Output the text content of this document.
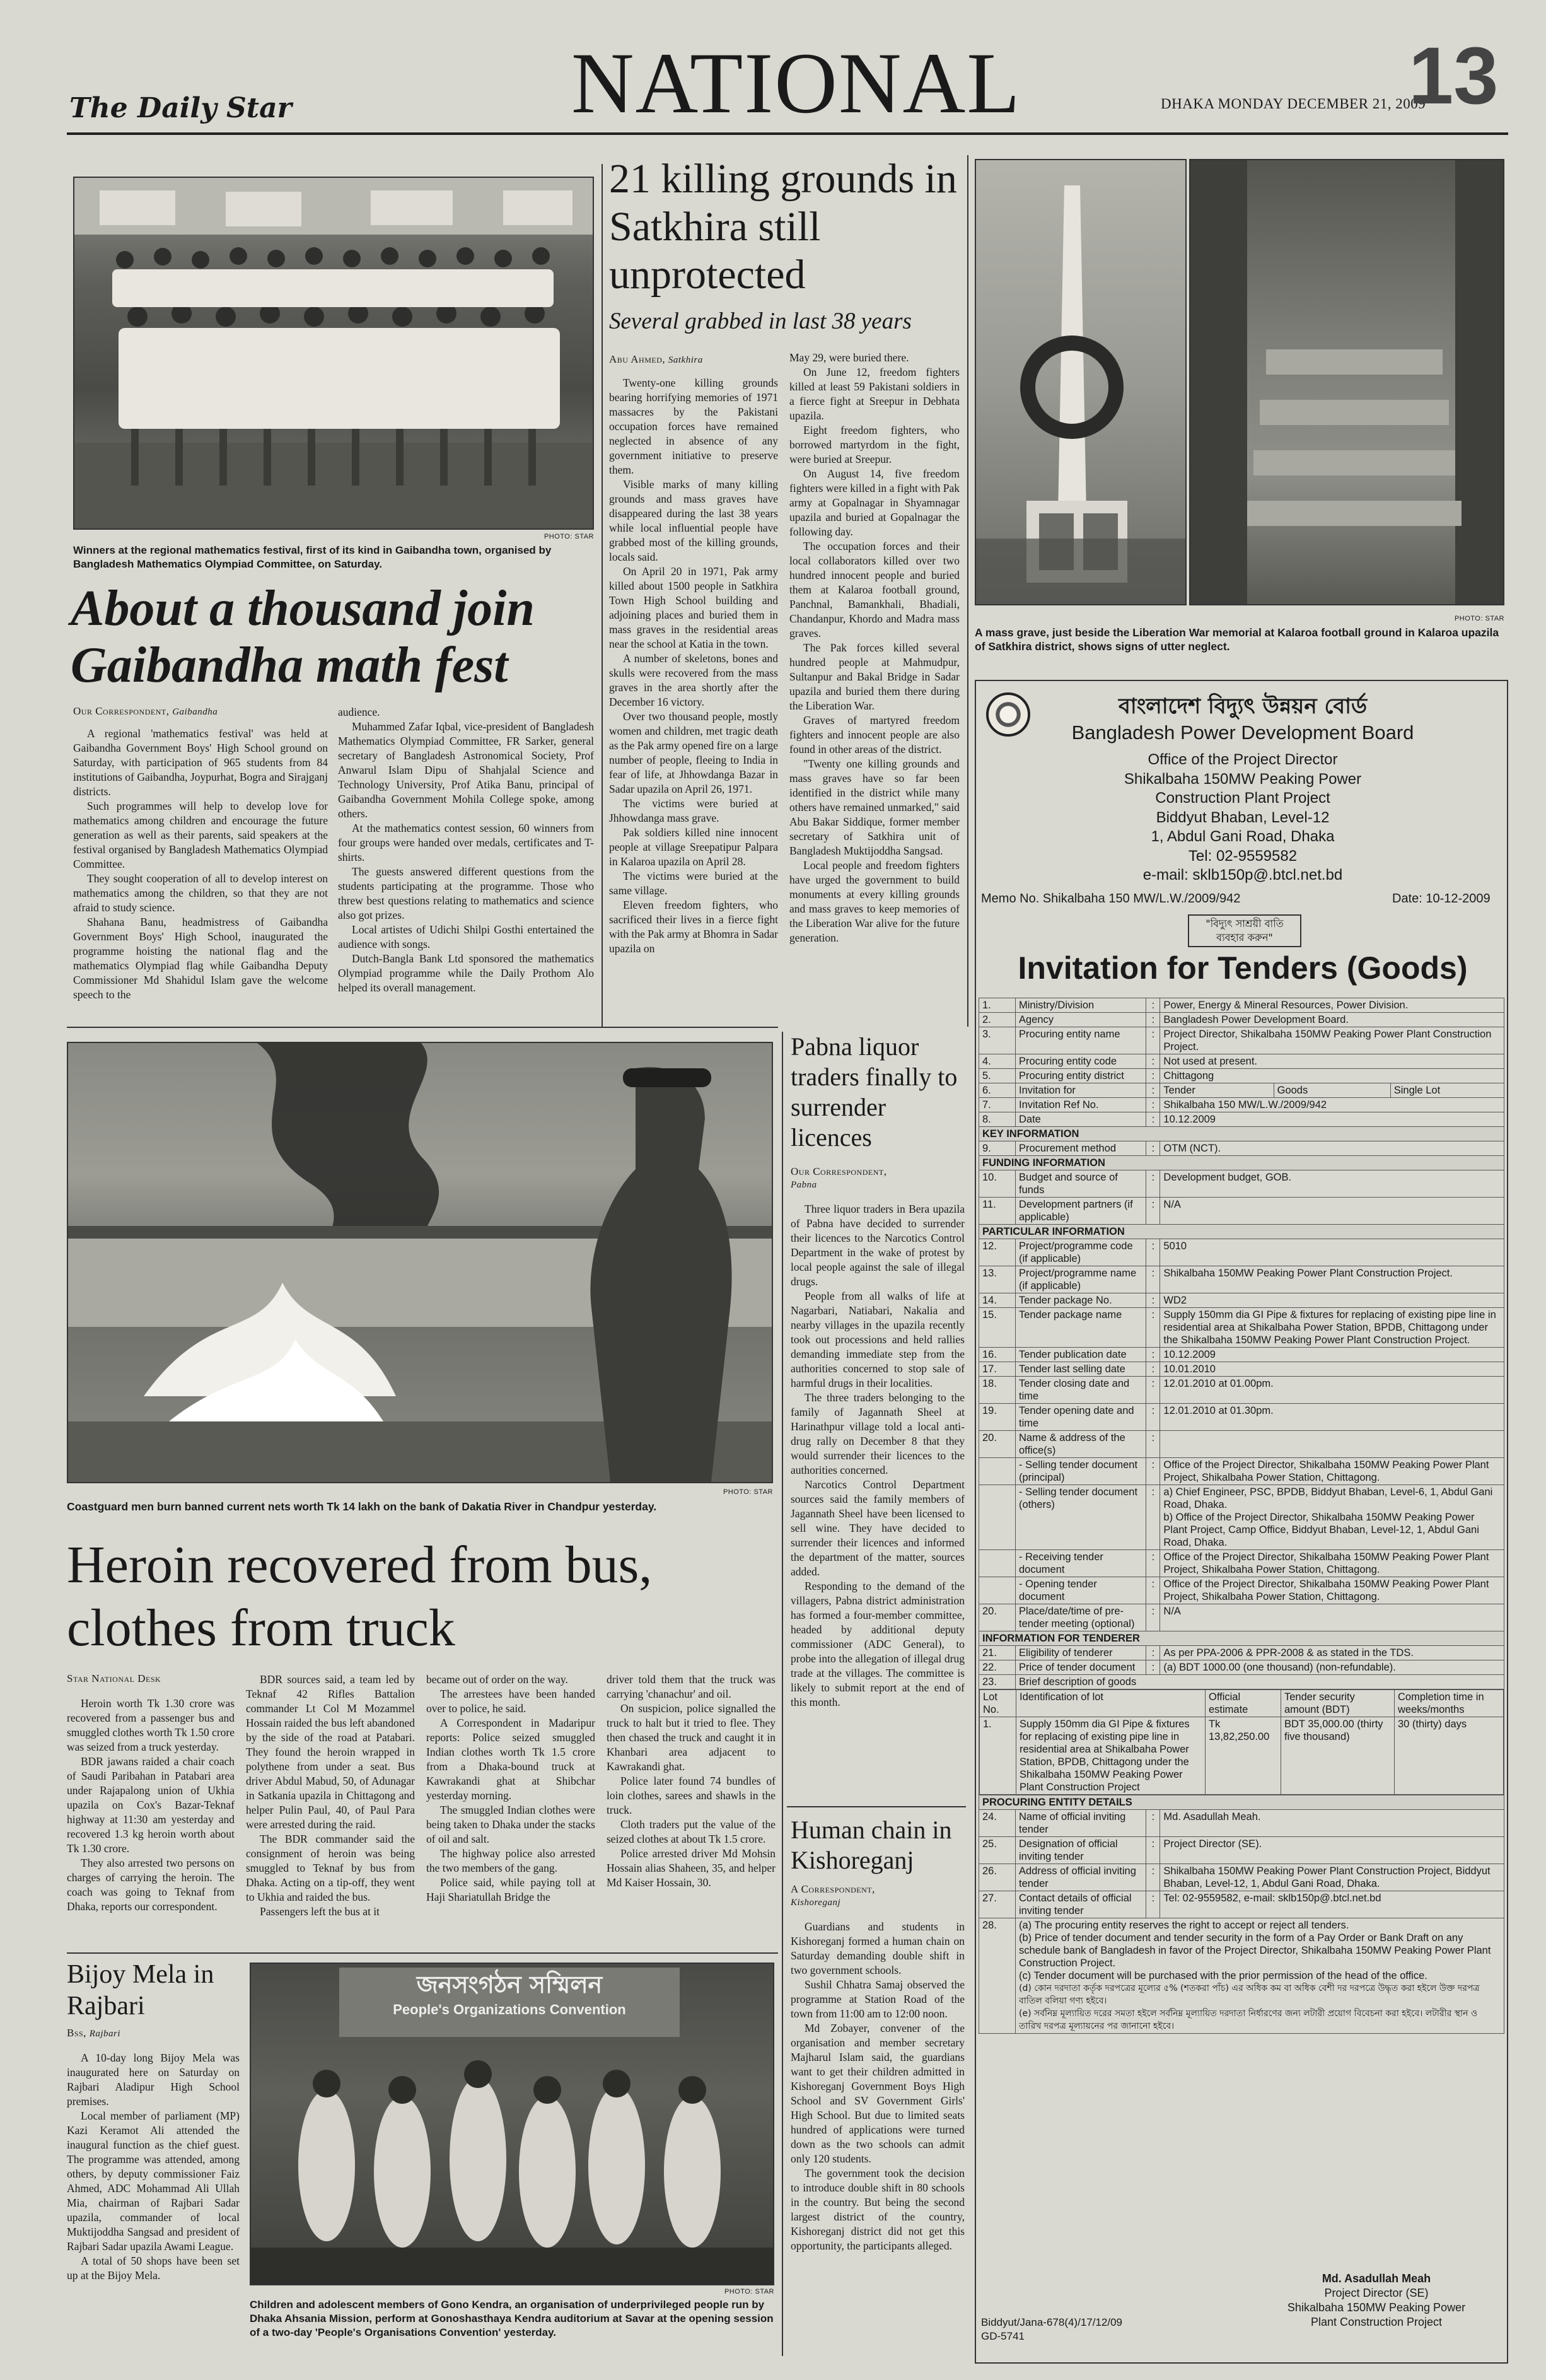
The Daily Star	NATIONAL	DHAKA MONDAY DECEMBER 21, 2009
13
PHOTO: STAR
Winners at the regional mathematics festival, first of its kind in Gaibandha town, organised by Bangladesh Mathematics Olympiad Committee, on Saturday.
About a thousand join
Gaibandha math fest
Our Correspondent, Gaibandha

A regional 'mathematics festival' was held at Gaibandha Government Boys' High School ground on Saturday, with participation of 965 students from 84 institutions of Gaibandha, Joypurhat, Bogra and Sirajganj districts.

Such programmes will help to develop love for mathematics among children and encourage the future generation as well as their parents, said speakers at the festival organised by Bangladesh Mathematics Olympiad Committee.

They sought cooperation of all to develop interest on mathematics among the children, so that they are not afraid to study science.

Shahana Banu, headmistress of Gaibandha Government Boys' High School, inaugurated the programme hoisting the national flag and the mathematics Olympiad flag while Gaibandha Deputy Commissioner Md Shahidul Islam gave the welcome speech to the

audience.

Muhammed Zafar Iqbal, vice-president of Bangladesh Mathematics Olympiad Committee, FR Sarker, general secretary of Bangladesh Astronomical Society, Prof Anwarul Islam Dipu of Shahjalal Science and Technology University, Prof Atika Banu, principal of Gaibandha Government Mohila College spoke, among others.

At the mathematics contest session, 60 winners from four groups were handed over medals, certificates and T-shirts.

The guests answered different questions from the students participating at the programme. Those who threw best questions relating to mathematics and science also got prizes.

Local artistes of Udichi Shilpi Gosthi entertained the audience with songs.

Dutch-Bangla Bank Ltd sponsored the mathematics Olympiad programme while the Daily Prothom Alo helped its overall management.

21 killing grounds in Satkhira still unprotected
Several grabbed in last 38 years
Abu Ahmed, Satkhira

Twenty-one killing grounds bearing horrifying memories of 1971 massacres by the Pakistani occupation forces have remained neglected in absence of any government initiative to preserve them.

Visible marks of many killing grounds and mass graves have disappeared during the last 38 years while local influential people have grabbed most of the killing grounds, locals said.

On April 20 in 1971, Pak army killed about 1500 people in Satkhira Town High School building and adjoining places and buried them in mass graves in the residential areas near the school at Katia in the town.

A number of skeletons, bones and skulls were recovered from the mass graves in the area shortly after the December 16 victory.

Over two thousand people, mostly women and children, met tragic death as the Pak army opened fire on a large number of people, fleeing to India in fear of life, at Jhhowdanga Bazar in Sadar upazila on April 26, 1971.

The victims were buried at Jhhowdanga mass grave.

Pak soldiers killed nine innocent people at village Sreepatipur Palpara in Kalaroa upazila on April 28.

The victims were buried at the same village.

Eleven freedom fighters, who sacrificed their lives in a fierce fight with the Pak army at Bhomra in Sadar upazila on

May 29, were buried there.

On June 12, freedom fighters killed at least 59 Pakistani soldiers in a fierce fight at Sreepur in Debhata upazila.

Eight freedom fighters, who borrowed martyrdom in the fight, were buried at Sreepur.

On August 14, five freedom fighters were killed in a fight with Pak army at Gopalnagar in Shyamnagar upazila and buried at Gopalnagar the following day.

The occupation forces and their local collaborators killed over two hundred innocent people and buried them at Kalaroa football ground, Panchnal, Bamankhali, Bhadiali, Chandanpur, Khordo and Madra mass graves.

The Pak forces killed several hundred people at Mahmudpur, Sultanpur and Bakal Bridge in Sadar upazila and buried them there during the Liberation War.

Graves of martyred freedom fighters and innocent people are also found in other areas of the district.

"Twenty one killing grounds and mass graves have so far been identified in the district while many others have remained unmarked," said Abu Bakar Siddique, former member secretary of Satkhira unit of Bangladesh Muktijoddha Sangsad.

Local people and freedom fighters have urged the government to build monuments at every killing grounds and mass graves to keep memories of the Liberation War alive for the future generation.

PHOTO: STAR
A mass grave, just beside the Liberation War memorial at Kalaroa football ground in Kalaroa upazila of Satkhira district, shows signs of utter neglect.
বাংলাদেশ বিদ্যুৎ উন্নয়ন বোর্ড
Bangladesh Power Development Board
Office of the Project Director
Shikalbaha 150MW Peaking Power
Construction Plant Project
Biddyut Bhaban, Level-12
1, Abdul Gani Road, Dhaka
Tel: 02-9559582
e-mail: sklb150p@.btcl.net.bd
Memo No. Shikalbaha 150 MW/L.W./2009/942	Date: 10-12-2009
"বিদ্যুৎ সাশ্রয়ী বাতি ব্যবহার করুন"
Invitation for Tenders (Goods)
1.	Ministry/Division	:	Power, Energy & Mineral Resources, Power Division.

2.	Agency	:	Bangladesh Power Development Board.

3.	Procuring entity name	:	Project Director, Shikalbaha 150MW Peaking Power Plant Construction Project.

4.	Procuring entity code	:	Not used at present.

5.	Procuring entity district	:	Chittagong

6.	Invitation for	:	Tender	Goods	Single Lot

7.	Invitation Ref No.	:	Shikalbaha 150 MW/L.W./2009/942

8.	Date	:	10.12.2009

KEY INFORMATION
9.	Procurement method	:	OTM (NCT).

FUNDING INFORMATION
10.	Budget and source of funds	:	Development budget, GOB.

11.	Development partners (if applicable)	:	N/A

PARTICULAR INFORMATION
12.	Project/programme code (if applicable)	:	5010

13.	Project/programme name (if applicable)	:	Shikalbaha 150MW Peaking Power Plant Construction Project.

14.	Tender package No.	:	WD2

15.	Tender package name	:	Supply 150mm dia GI Pipe & fixtures for replacing of existing pipe line in residential area at Shikalbaha Power Station, BPDB, Chittagong under the Shikalbaha 150MW Peaking Power Plant Construction Project.

16.	Tender publication date	:	10.12.2009

17.	Tender last selling date	:	10.01.2010

18.	Tender closing date and time	:	12.01.2010 at 01.00pm.

19.	Tender opening date and time	:	12.01.2010 at 01.30pm.

20.	Name & address of the office(s)	:	

	- Selling tender document (principal)	:	Office of the Project Director, Shikalbaha 150MW Peaking Power Plant Project, Shikalbaha Power Station, Chittagong.

	- Selling tender document (others)	:	a) Chief Engineer, PSC, BPDB, Biddyut Bhaban, Level-6, 1, Abdul Gani Road, Dhaka.
b) Office of the Project Director, Shikalbaha 150MW Peaking Power Plant Project, Camp Office, Biddyut Bhaban, Level-12, 1, Abdul Gani Road, Dhaka.

	- Receiving tender document	:	Office of the Project Director, Shikalbaha 150MW Peaking Power Plant Project, Shikalbaha Power Station, Chittagong.

	- Opening tender document	:	Office of the Project Director, Shikalbaha 150MW Peaking Power Plant Project, Shikalbaha Power Station, Chittagong.

20.	Place/date/time of pre-tender meeting (optional)	:	N/A

INFORMATION FOR TENDERER
21.	Eligibility of tenderer	:	As per PPA-2006 & PPR-2008 & as stated in the TDS.

22.	Price of tender document	:	(a) BDT 1000.00 (one thousand) (non-refundable).

23.	Brief description of goods

Lot No.	Identification of lot	Official estimate	Tender security amount (BDT)	Completion time in weeks/months
1.	Supply 150mm dia GI Pipe & fixtures for replacing of existing pipe line in residential area at Shikalbaha Power Station, BPDB, Chittagong under the Shikalbaha 150MW Peaking Power Plant Construction Project	Tk 13,82,250.00	BDT 35,000.00 (thirty five thousand)	30 (thirty) days

PROCURING ENTITY DETAILS
24.	Name of official inviting tender	:	Md. Asadullah Meah.

25.	Designation of official inviting tender	:	Project Director (SE).

26.	Address of official inviting tender	:	Shikalbaha 150MW Peaking Power Plant Construction Project, Biddyut Bhaban, Level-12, 1, Abdul Gani Road, Dhaka.

27.	Contact details of official inviting tender	:	Tel: 02-9559582, e-mail: sklb150p@.btcl.net.bd

28.	(a) The procuring entity reserves the right to accept or reject all tenders.
(b) Price of tender document and tender security in the form of a Pay Order or Bank Draft on any schedule bank of Bangladesh in favor of the Project Director, Shikalbaha 150MW Peaking Power Plant Construction Project.
(c) Tender document will be purchased with the prior permission of the head of the office.
(d) কোন দরদাতা কর্তৃক দরপত্রের মূল্যের ৫% (শতকরা পাঁচ) এর অধিক কম বা অধিক বেশী দর দরপত্রে উদ্ধৃত করা হইলে উক্ত দরপত্র বাতিল বলিয়া গণ্য হইবে।
(e) সর্বনিম্ন মূল্যায়িত দরের সমতা হইলে সর্বনিম্ন মূল্যায়িত দরদাতা নির্ধারণের জন্য লটারী প্রয়োগ বিবেচনা করা হইবে। লটারীর স্থান ও তারিখ দরপত্র মূল্যায়নের পর জানানো হইবে।
Md. Asadullah Meah
Project Director (SE)
Shikalbaha 150MW Peaking Power
Plant Construction Project
Biddyut/Jana-678(4)/17/12/09
GD-5741
PHOTO: STAR
Coastguard men burn banned current nets worth Tk 14 lakh on the bank of Dakatia River in Chandpur yesterday.
Pabna liquor traders finally to surrender licences
Our Correspondent,
Pabna

Three liquor traders in Bera upazila of Pabna have decided to surrender their licences to the Narcotics Control Department in the wake of protest by local people against the sale of illegal drugs.

People from all walks of life at Nagarbari, Natiabari, Nakalia and nearby villages in the upazila recently took out processions and held rallies demanding immediate step from the authorities concerned to stop sale of harmful drugs in their localities.

The three traders belonging to the family of Jagannath Sheel at Harinathpur village told a local anti-drug rally on December 8 that they would surrender their licences to the authorities concerned.

Narcotics Control Department sources said the family members of Jagannath Sheel have been licensed to sell wine. They have decided to surrender their licences and informed the department of the matter, sources added.

Responding to the demand of the villagers, Pabna district administration has formed a four-member committee, headed by additional deputy commissioner (ADC General), to probe into the allegation of illegal drug trade at the villages. The committee is likely to submit report at the end of this month.

Human chain in Kishoreganj
A Correspondent,
Kishoreganj

Guardians and students in Kishoreganj formed a human chain on Saturday demanding double shift in two government schools.

Sushil Chhatra Samaj observed the programme at Station Road of the town from 11:00 am to 12:00 noon.

Md Zobayer, convener of the organisation and member secretary Majharul Islam said, the guardians want to get their children admitted in Kishoreganj Government Boys High School and SV Government Girls' High School. But due to limited seats hundred of applications were turned down as the two schools can admit only 120 students.

The government took the decision to introduce double shift in 80 schools in the country. But being the second largest district of the country, Kishoreganj district did not get this opportunity, the participants alleged.

Heroin recovered from bus,
clothes from truck
Star National Desk

Heroin worth Tk 1.30 crore was recovered from a passenger bus and smuggled clothes worth Tk 1.50 crore was seized from a truck yesterday.

BDR jawans raided a chair coach of Saudi Paribahan in Patabari area under Rajapalong union of Ukhia upazila on Cox's Bazar-Teknaf highway at 11:30 am yesterday and recovered 1.3 kg heroin worth about Tk 1.30 crore.

They also arrested two persons on charges of carrying the heroin. The coach was going to Teknaf from Dhaka, reports our correspondent.

BDR sources said, a team led by Teknaf 42 Rifles Battalion commander Lt Col M Mozammel Hossain raided the bus left abandoned by the side of the road at Patabari. They found the heroin wrapped in polythene from under a seat. Bus driver Abdul Mabud, 50, of Adunagar in Satkania upazila in Chittagong and helper Pulin Paul, 40, of Paul Para were arrested during the raid.

The BDR commander said the consignment of heroin was being smuggled to Teknaf by bus from Dhaka. Acting on a tip-off, they went to Ukhia and raided the bus.

Passengers left the bus at it

became out of order on the way.

The arrestees have been handed over to police, he said.

A Correspondent in Madaripur reports: Police seized smuggled Indian clothes worth Tk 1.5 crore from a Dhaka-bound truck at Kawrakandi ghat at Shibchar yesterday morning.

The smuggled Indian clothes were being taken to Dhaka under the stacks of oil and salt.

The highway police also arrested the two members of the gang.

Police said, while paying toll at Haji Shariatullah Bridge the

driver told them that the truck was carrying 'chanachur' and oil.

On suspicion, police signalled the truck to halt but it tried to flee. They then chased the truck and caught it in Khanbari area adjacent to Kawrakandi ghat.

Police later found 74 bundles of loin clothes, sarees and shawls in the truck.

Cloth traders put the value of the seized clothes at about Tk 1.5 crore.

Police arrested driver Md Mohsin Hossain alias Shaheen, 35, and helper Md Kaiser Hossain, 30.

Bijoy Mela in Rajbari
Bss, Rajbari

A 10-day long Bijoy Mela was inaugurated here on Saturday on Rajbari Aladipur High School premises.

Local member of parliament (MP) Kazi Keramot Ali attended the inaugural function as the chief guest. The programme was attended, among others, by deputy commissioner Faiz Ahmed, ADC Mohammad Ali Ullah Mia, chairman of Rajbari Sadar upazila, commander of local Muktijoddha Sangsad and president of Rajbari Sadar upazila Awami League.

A total of 50 shops have been set up at the Bijoy Mela.

জনসংগঠন সম্মিলন
People's Organizations Convention
PHOTO: STAR
Children and adolescent members of Gono Kendra, an organisation of underprivileged people run by Dhaka Ahsania Mission, perform at Gonoshasthaya Kendra auditorium at Savar at the opening session of a two-day 'People's Organisations Convention' yesterday.
